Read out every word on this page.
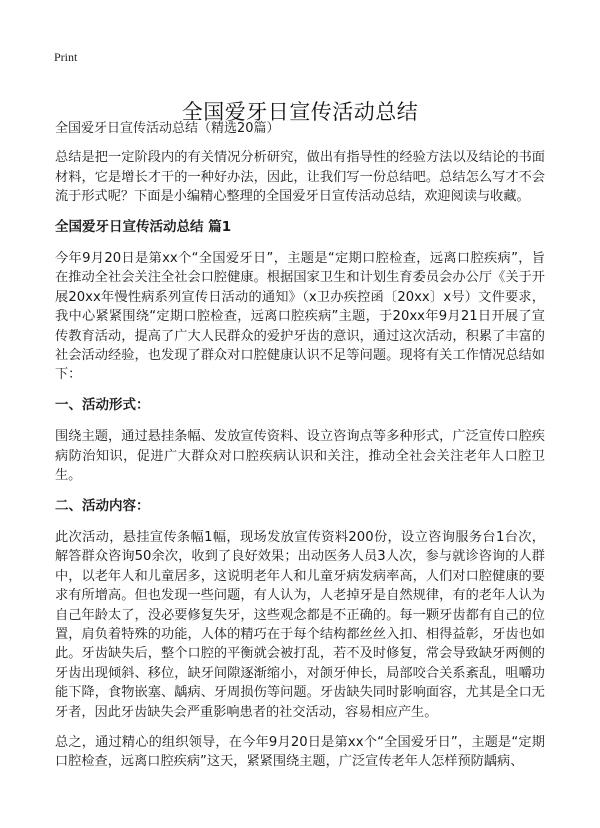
Print
全国爱牙日宣传活动总结

全国爱牙日宣传活动总结（精选20篇）

总结是把一定阶段内的有关情况分析研究，做出有指导性的经验方法以及结论的书面材料，它是增长才干的一种好办法，因此，让我们写一份总结吧。总结怎么写才不会流于形式呢？下面是小编精心整理的全国爱牙日宣传活动总结，欢迎阅读与收藏。

全国爱牙日宣传活动总结 篇1

今年9月20日是第xx个“全国爱牙日”，主题是“定期口腔检查，远离口腔疾病”，旨在推动全社会关注全社会口腔健康。根据国家卫生和计划生育委员会办公厅《关于开展20xx年慢性病系列宣传日活动的通知》（x卫办疾控函〔20xx〕x号）文件要求，我中心紧紧围绕“定期口腔检查，远离口腔疾病”主题，于20xx年9月21日开展了宣传教育活动，提高了广大人民群众的爱护牙齿的意识，通过这次活动，积累了丰富的社会活动经验，也发现了群众对口腔健康认识不足等问题。现将有关工作情况总结如下：

一、活动形式：

围绕主题，通过悬挂条幅、发放宣传资料、设立咨询点等多种形式，广泛宣传口腔疾病防治知识，促进广大群众对口腔疾病认识和关注，推动全社会关注老年人口腔卫生。

二、活动内容：

此次活动，悬挂宣传条幅1幅，现场发放宣传资料200份，设立咨询服务台1台次，解答群众咨询50余次，收到了良好效果；出动医务人员3人次，参与就诊咨询的人群中，以老年人和儿童居多，这说明老年人和儿童牙病发病率高，人们对口腔健康的要求有所增高。但也发现一些问题，有人认为，人老掉牙是自然规律，有的老年人认为自己年龄太了，没必要修复失牙，这些观念都是不正确的。每一颗牙齿都有自己的位置，肩负着特殊的功能，人体的精巧在于每个结构都丝丝入扣、相得益彰，牙齿也如此。牙齿缺失后，整个口腔的平衡就会被打乱，若不及时修复，常会导致缺牙两侧的牙齿出现倾斜、移位，缺牙间隙逐渐缩小，对颌牙伸长，局部咬合关系紊乱，咀嚼功能下降，食物嵌塞、龋病、牙周损伤等问题。牙齿缺失同时影响面容，尤其是全口无牙者，因此牙齿缺失会严重影响患者的社交活动，容易相应产生。

总之，通过精心的组织领导，在今年9月20日是第xx个“全国爱牙日”，主题是“定期口腔检查，远离口腔疾病”这天，紧紧围绕主题，广泛宣传老年人怎样预防龋病、
